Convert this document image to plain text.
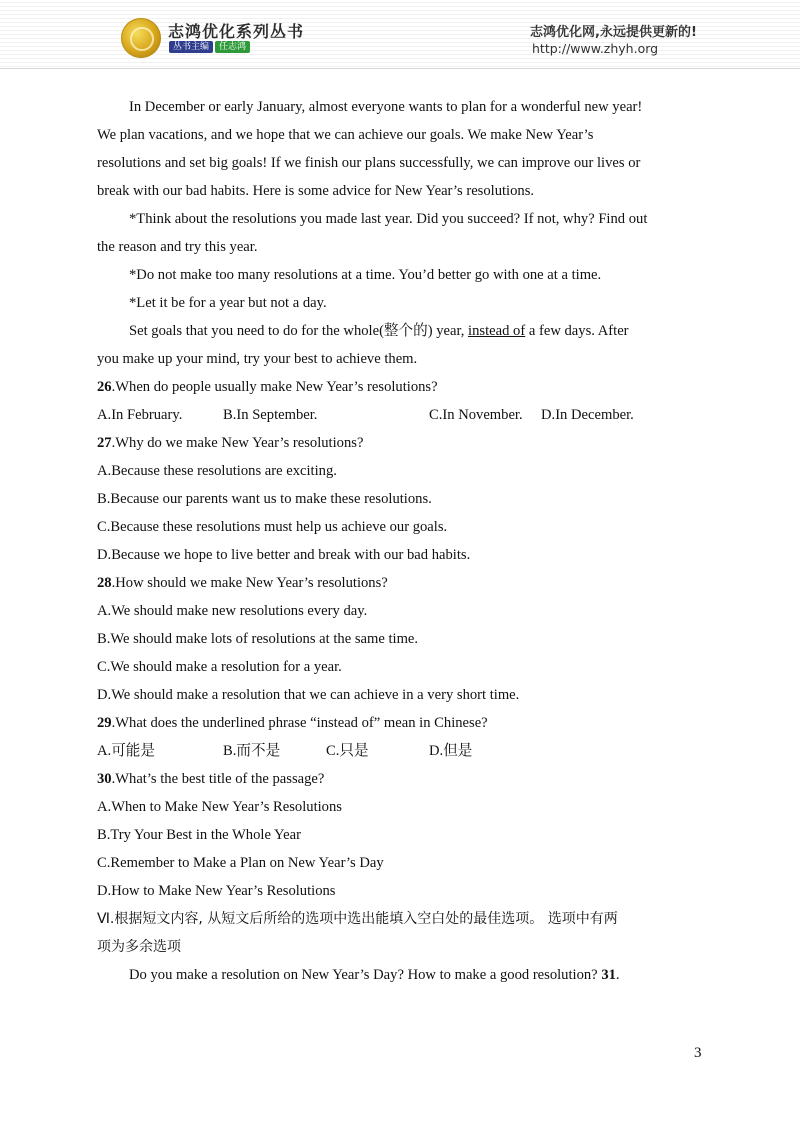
志鸿优化系列丛书
丛书主编	任志鸿
志鸿优化网,永远提供更新的!
http://www.zhyh.org
In December or early January, almost everyone wants to plan for a wonderful new year!
We plan vacations, and we hope that we can achieve our goals. We make New Year’s
resolutions and set big goals! If we finish our plans successfully, we can improve our lives or
break with our bad habits. Here is some advice for New Year’s resolutions.
*Think about the resolutions you made last year. Did you succeed? If not, why? Find out
the reason and try this year.
*Do not make too many resolutions at a time. You’d better go with one at a time.
*Let it be for a year but not a day.
Set goals that you need to do for the whole(整个的) year, instead of a few days. After
you make up your mind, try your best to achieve them.
26.When do people usually make New Year’s resolutions?
A.In February.	B.In September.	C.In November. D.In December.
27.Why do we make New Year’s resolutions?
A.Because these resolutions are exciting.
B.Because our parents want us to make these resolutions.
C.Because these resolutions must help us achieve our goals.
D.Because we hope to live better and break with our bad habits.
28.How should we make New Year’s resolutions?
A.We should make new resolutions every day.
B.We should make lots of resolutions at the same time.
C.We should make a resolution for a year.
D.We should make a resolution that we can achieve in a very short time.
29.What does the underlined phrase “instead of” mean in Chinese?
A.可能是	B.而不是	C.只是	D.但是
30.What’s the best title of the passage?
A.When to Make New Year’s Resolutions
B.Try Your Best in the Whole Year
C.Remember to Make a Plan on New Year’s Day
D.How to Make New Year’s Resolutions
Ⅵ.根据短文内容, 从短文后所给的选项中选出能填入空白处的最佳选项。 选项中有两
项为多余选项
Do you make a resolution on New Year’s Day? How to make a good resolution? 31.
3
